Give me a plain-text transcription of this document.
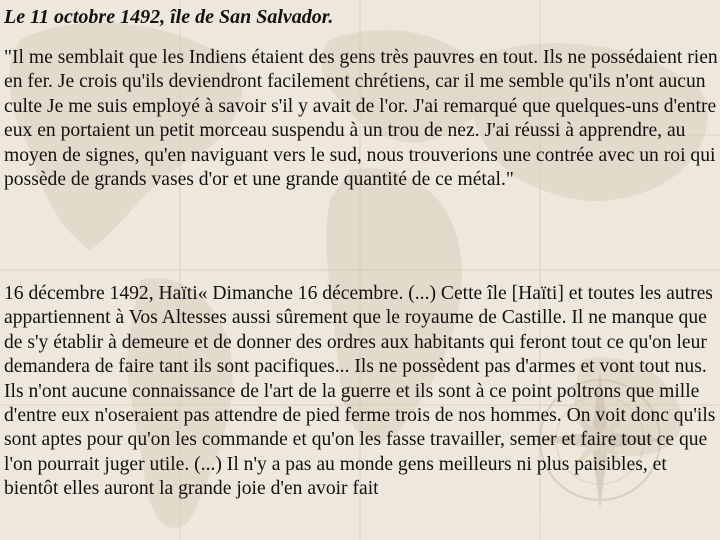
Le 11 octobre 1492, île de San Salvador.

"Il me semblait que les Indiens étaient des gens très pauvres en tout. Ils ne possédaient rien en fer. Je crois qu'ils deviendront facilement chrétiens, car il me semble qu'ils n'ont aucun culte Je me suis employé à savoir s'il y avait de l'or. J'ai remarqué que quelques-uns d'entre eux en portaient un petit morceau suspendu à un trou de nez. J'ai réussi à apprendre, au moyen de signes, qu'en naviguant vers le sud, nous trouverions une contrée avec un roi qui possède de grands vases d'or et une grande quantité de ce métal."

16 décembre 1492, Haïti« Dimanche 16 décembre. (...) Cette île [Haïti] et toutes les autres appartiennent à Vos Altesses aussi sûrement que le royaume de Castille. Il ne manque que de s'y établir à demeure et de donner des ordres aux habitants qui feront tout ce qu'on leur demandera de faire tant ils sont pacifiques... Ils ne possèdent pas d'armes et vont tout nus. Ils n'ont aucune connaissance de l'art de la guerre et ils sont à ce point poltrons que mille d'entre eux n'oseraient pas attendre de pied ferme trois de nos hommes. On voit donc qu'ils sont aptes pour qu'on les commande et qu'on les fasse travailler, semer et faire tout ce que l'on pourrait juger utile. (...) Il n'y a pas au monde gens meilleurs ni plus paisibles, et bientôt elles auront la grande joie d'en avoir fait
